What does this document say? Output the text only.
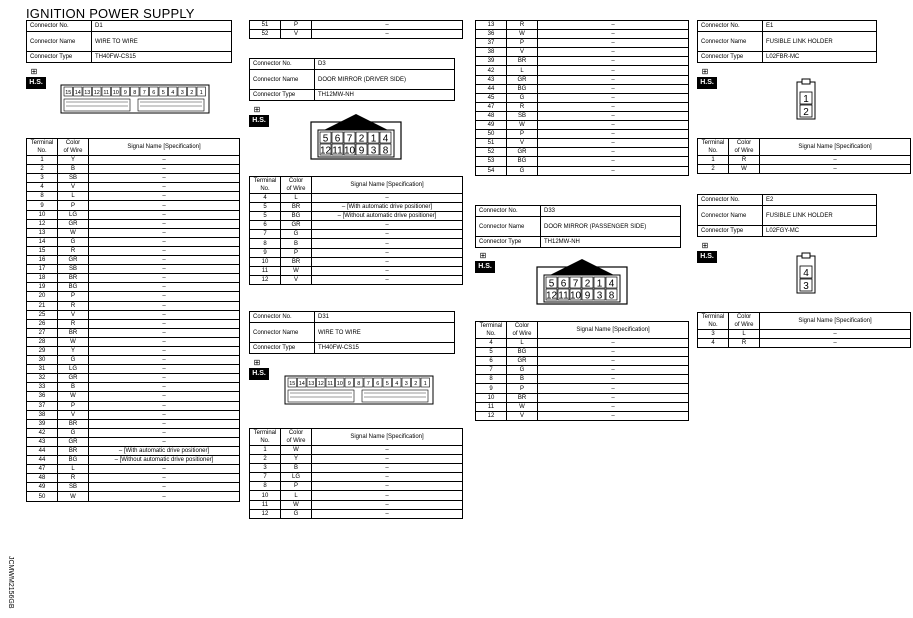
IGNITION POWER SUPPLY
JCMWM2156GB
Connector No.	D1
Connector Name	WIRE TO WIRE
Connector Type	TH40FW-CS15
⊞
H.S.
15 14 13 12 11 10 9 8 7 6 5 4 3 2 1
Terminal
No.	Color
of Wire	Signal Name [Specification]
1	Y	–
2	B	–
3	SB	–
4	V	–
8	L	–
9	P	–
10	LG	–
12	GR	–
13	W	–
14	G	–
15	R	–
16	GR	–
17	SB	–
18	BR	–
19	BG	–
20	P	–
21	R	–
25	V	–
26	R	–
27	BR	–
28	W	–
29	Y	–
30	G	–
31	LG	–
32	GR	–
33	B	–
36	W	–
37	P	–
38	V	–
39	BR	–
42	G	–
43	GR	–
44	BR	– [With automatic drive positioner]
44	BG	– [Without automatic drive positioner]
47	L	–
48	R	–
49	SB	–
50	W	–
51	P	–
52	V	–
Connector No.	D3
Connector Name	DOOR MIRROR (DRIVER SIDE)
Connector Type	TH12MW-NH
⊞
H.S.
5 6 7 2 1 4
12 11 10 9 3 8
Terminal
No.	Color
of Wire	Signal Name [Specification]
4	L	–
5	BR	– [With automatic drive positioner]
5	BG	– [Without automatic drive positioner]
6	GR	–
7	G	–
8	B	–
9	P	–
10	BR	–
11	W	–
12	V	–
Connector No.	D31
Connector Name	WIRE TO WIRE
Connector Type	TH40FW-CS15
⊞
H.S.
15 14 13 12 11 10 9 8 7 6 5 4 3 2 1
Terminal
No.	Color
of Wire	Signal Name [Specification]
1	W	–
2	Y	–
3	B	–
7	LG	–
8	P	–
10	L	–
11	W	–
12	G	–
13	R	–
36	W	–
37	P	–
38	V	–
39	BR	–
42	L	–
43	GR	–
44	BG	–
45	G	–
47	R	–
48	SB	–
49	W	–
50	P	–
51	V	–
52	GR	–
53	BG	–
54	G	–
Connector No.	D33
Connector Name	DOOR MIRROR (PASSENGER SIDE)
Connector Type	TH12MW-NH
⊞
H.S.
5 6 7 2 1 4
12 11 10 9 3 8
Terminal
No.	Color
of Wire	Signal Name [Specification]
4	L	–
5	BG	–
6	GR	–
7	G	–
8	B	–
9	P	–
10	BR	–
11	W	–
12	V	–
Connector No.	E1
Connector Name	FUSIBLE LINK HOLDER
Connector Type	L02FBR-MC
⊞
H.S.
1
2
Terminal
No.	Color
of Wire	Signal Name [Specification]
1	R	–
2	W	–
Connector No.	E2
Connector Name	FUSIBLE LINK HOLDER
Connector Type	L02FGY-MC
⊞
H.S.
4
3
Terminal
No.	Color
of Wire	Signal Name [Specification]
3	L	–
4	R	–
